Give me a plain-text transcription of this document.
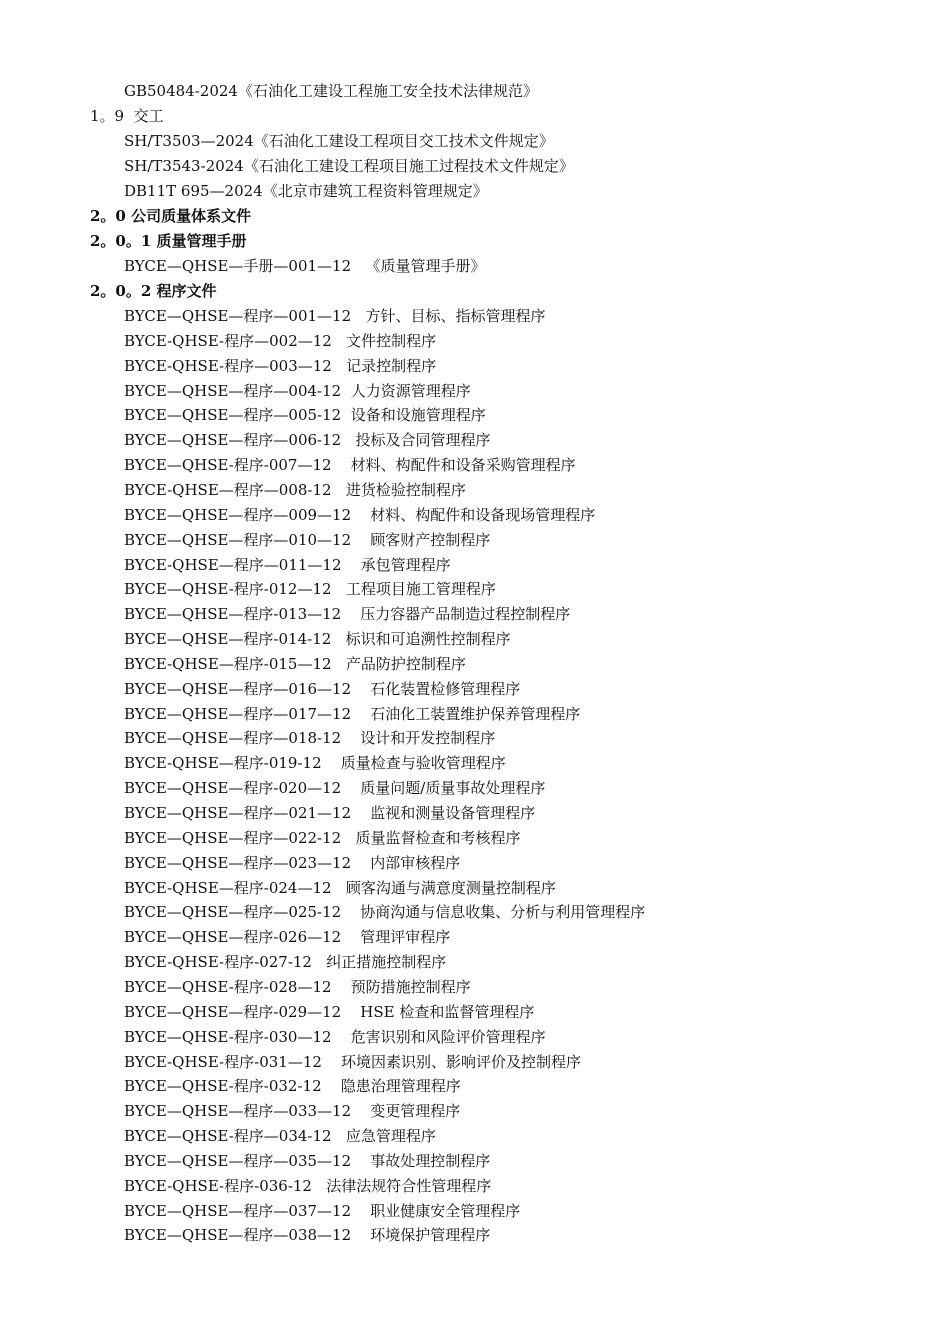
GB50484-2024《石油化工建设工程施工安全技术法律规范》
1。9  交工
SH/T3503—2024《石油化工建设工程项目交工技术文件规定》
SH/T3543-2024《石油化工建设工程项目施工过程技术文件规定》
DB11T 695—2024《北京市建筑工程资料管理规定》
2。0 公司质量体系文件
2。0。1 质量管理手册
BYCE—QHSE—手册—001—12   《质量管理手册》
2。0。2 程序文件
BYCE—QHSE—程序—001—12 方针、目标、指标管理程序
BYCE-QHSE-程序—002—12 文件控制程序
BYCE-QHSE-程序—003—12 记录控制程序
BYCE—QHSE—程序—004-12 人力资源管理程序
BYCE—QHSE—程序—005-12 设备和设施管理程序
BYCE—QHSE—程序—006-12 投标及合同管理程序
BYCE—QHSE-程序-007—12 材料、构配件和设备采购管理程序
BYCE-QHSE—程序—008-12 进货检验控制程序
BYCE—QHSE—程序—009—12 材料、构配件和设备现场管理程序
BYCE—QHSE—程序—010—12 顾客财产控制程序
BYCE-QHSE—程序—011—12 承包管理程序
BYCE—QHSE-程序-012—12 工程项目施工管理程序
BYCE—QHSE—程序-013—12 压力容器产品制造过程控制程序
BYCE—QHSE—程序-014-12 标识和可追溯性控制程序
BYCE-QHSE—程序-015—12 产品防护控制程序
BYCE—QHSE—程序—016—12 石化装置检修管理程序
BYCE—QHSE—程序—017—12 石油化工装置维护保养管理程序
BYCE—QHSE—程序—018-12 设计和开发控制程序
BYCE-QHSE—程序-019-12 质量检查与验收管理程序
BYCE—QHSE—程序-020—12 质量问题/质量事故处理程序
BYCE—QHSE—程序—021—12 监视和测量设备管理程序
BYCE—QHSE—程序—022-12 质量监督检查和考核程序
BYCE—QHSE—程序—023—12 内部审核程序
BYCE-QHSE—程序-024—12 顾客沟通与满意度测量控制程序
BYCE—QHSE—程序—025-12 协商沟通与信息收集、分析与利用管理程序
BYCE—QHSE—程序-026—12 管理评审程序
BYCE-QHSE-程序-027-12 纠正措施控制程序
BYCE—QHSE-程序-028—12 预防措施控制程序
BYCE—QHSE—程序-029—12 HSE 检查和监督管理程序
BYCE—QHSE-程序-030—12 危害识别和风险评价管理程序
BYCE-QHSE-程序-031—12 环境因素识别、影响评价及控制程序
BYCE—QHSE-程序-032-12 隐患治理管理程序
BYCE—QHSE—程序—033—12 变更管理程序
BYCE—QHSE-程序—034-12 应急管理程序
BYCE—QHSE—程序—035—12 事故处理控制程序
BYCE-QHSE-程序-036-12 法律法规符合性管理程序
BYCE—QHSE—程序—037—12 职业健康安全管理程序
BYCE—QHSE—程序—038—12 环境保护管理程序
